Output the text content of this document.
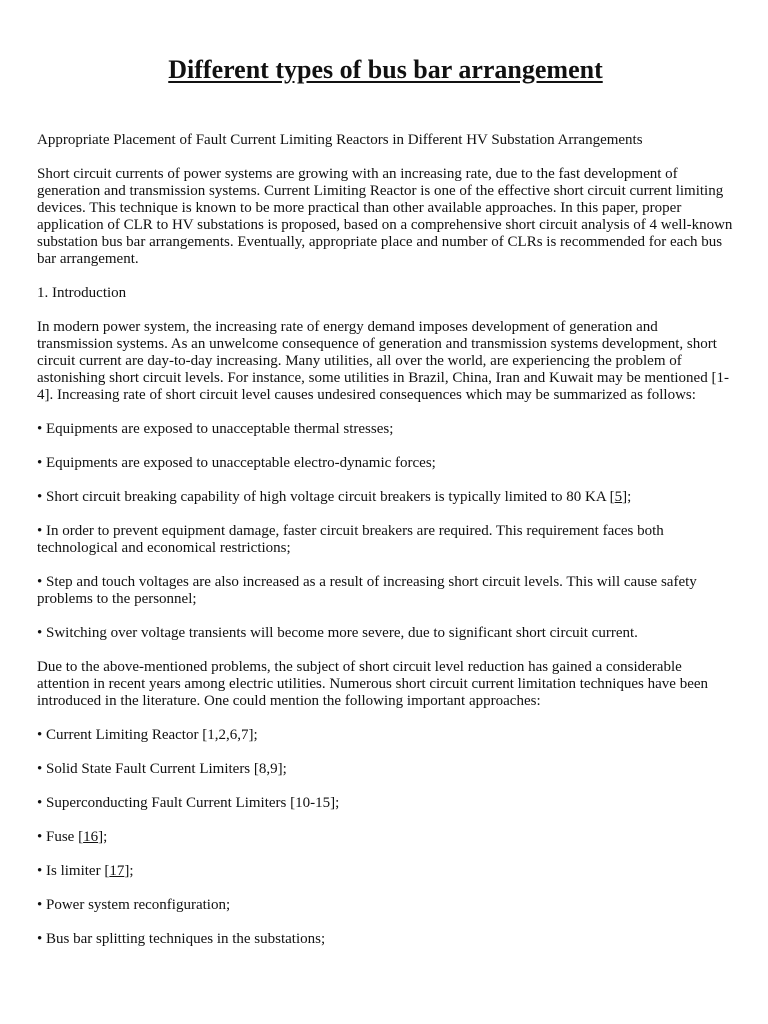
Different types of bus bar arrangement
Appropriate Placement of Fault Current Limiting Reactors in Different HV Substation Arrangements
Short circuit currents of power systems are growing with an increasing rate, due to the fast development of generation and transmission systems. Current Limiting Reactor is one of the effective short circuit current limiting devices. This technique is known to be more practical than other available approaches. In this paper, proper application of CLR to HV substations is proposed, based on a comprehensive short circuit analysis of 4 well-known substation bus bar arrangements. Eventually, appropriate place and number of CLRs is recommended for each bus bar arrangement.
1. Introduction
In modern power system, the increasing rate of energy demand imposes development of generation and transmission systems. As an unwelcome consequence of generation and transmission systems development, short circuit current are day-to-day increasing. Many utilities, all over the world, are experiencing the problem of astonishing short circuit levels. For instance, some utilities in Brazil, China, Iran and Kuwait may be mentioned [1- 4]. Increasing rate of short circuit level causes undesired consequences which may be summarized as follows:
• Equipments are exposed to unacceptable thermal stresses;
• Equipments are exposed to unacceptable electro-dynamic forces;
• Short circuit breaking capability of high voltage circuit breakers is typically limited to 80 KA [5];
• In order to prevent equipment damage, faster circuit breakers are required. This requirement faces both technological and economical restrictions;
• Step and touch voltages are also increased as a result of increasing short circuit levels. This will cause safety problems to the personnel;
• Switching over voltage transients will become more severe, due to significant short circuit current.
Due to the above-mentioned problems, the subject of short circuit level reduction has gained a considerable attention in recent years among electric utilities. Numerous short circuit current limitation techniques have been introduced in the literature. One could mention the following important approaches:
• Current Limiting Reactor [1,2,6,7];
• Solid State Fault Current Limiters [8,9];
• Superconducting Fault Current Limiters [10-15];
• Fuse [16];
• Is limiter [17];
• Power system reconfiguration;
• Bus bar splitting techniques in the substations;
